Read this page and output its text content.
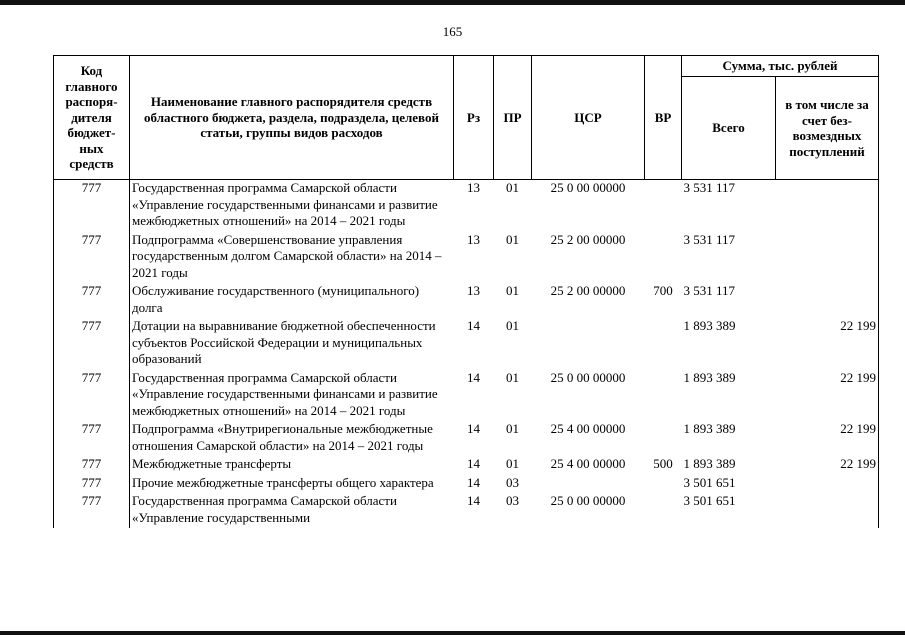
165
Код главного распоря-дителя бюджет-ных средств	Наименование главного распорядителя средств областного бюджета, раздела, подраздела, целевой статьи, группы видов расходов	Рз	ПР	ЦСР	ВР	Сумма, тыс. рублей	
						Всего	в том числе за счет без-возмездных поступлений
777	Государственная программа Самарской области «Управление государственными финансами и развитие межбюджетных отношений» на 2014 – 2021 годы	13	01	25 0 00 00000		3 531 117	
777	Подпрограмма «Совершенствование управления государственным долгом Самарской области» на 2014 – 2021 годы	13	01	25 2 00 00000		3 531 117	
777	Обслуживание государственного (муниципального) долга	13	01	25 2 00 00000	700	3 531 117	
777	Дотации на выравнивание бюджетной обеспеченности субъектов Российской Федерации и муниципальных образований	14	01			1 893 389	22 199
777	Государственная программа Самарской области «Управление государственными финансами и развитие межбюджетных отношений» на 2014 – 2021 годы	14	01	25 0 00 00000		1 893 389	22 199
777	Подпрограмма «Внутрирегиональные межбюджетные отношения Самарской области» на 2014 – 2021 годы	14	01	25 4 00 00000		1 893 389	22 199
777	Межбюджетные трансферты	14	01	25 4 00 00000	500	1 893 389	22 199
777	Прочие межбюджетные трансферты общего характера	14	03			3 501 651	
777	Государственная программа Самарской области «Управление государственными	14	03	25 0 00 00000		3 501 651	
